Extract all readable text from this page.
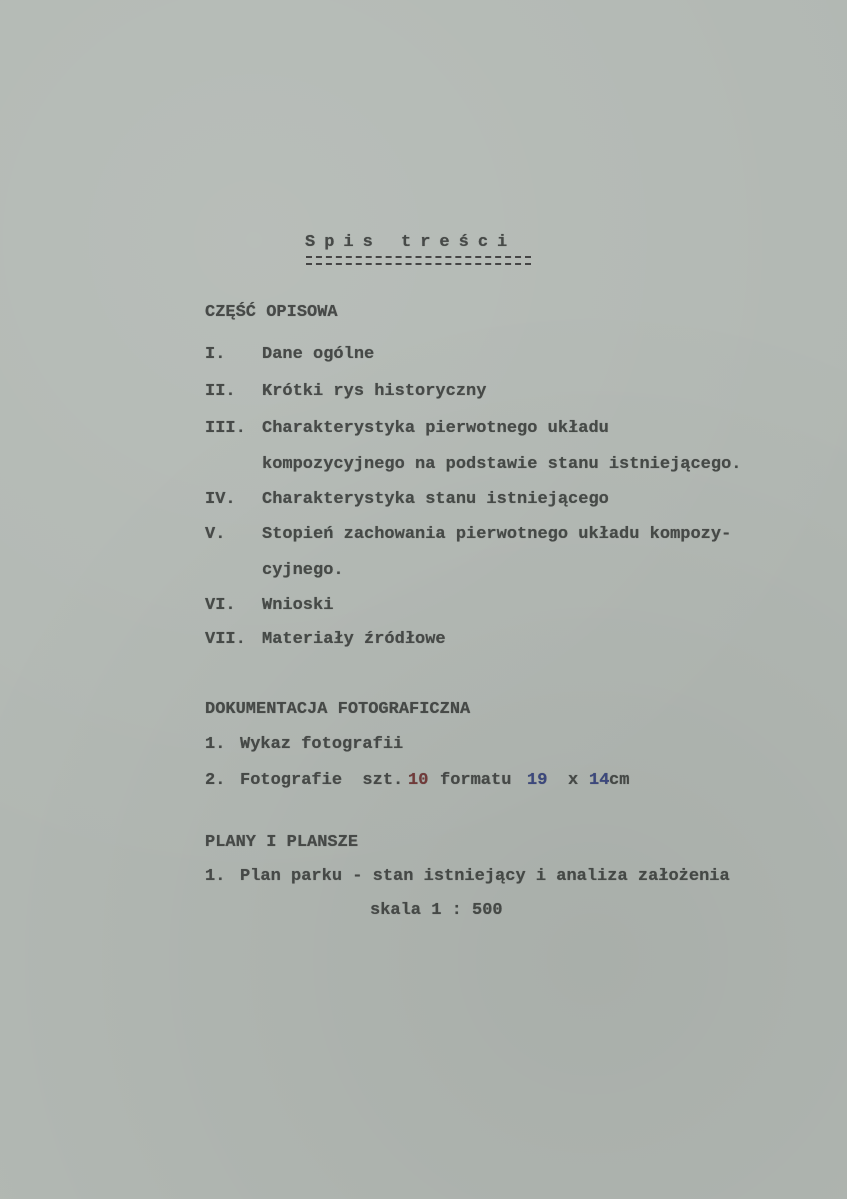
Spis treści
CZĘŚĆ OPISOWA
I. Dane ogólne
II. Krótki rys historyczny
III. Charakterystyka pierwotnego układu
kompozycyjnego na podstawie stanu istniejącego.
IV. Charakterystyka stanu istniejącego
V. Stopień zachowania pierwotnego układu kompozy-
cyjnego.
VI. Wnioski
VII. Materiały źródłowe
DOKUMENTACJA FOTOGRAFICZNA
1. Wykaz fotografii
2. Fotografie  szt. 10 formatu 19 x 14 cm
PLANY I PLANSZE
1. Plan parku - stan istniejący i analiza założenia
skala 1 : 500
